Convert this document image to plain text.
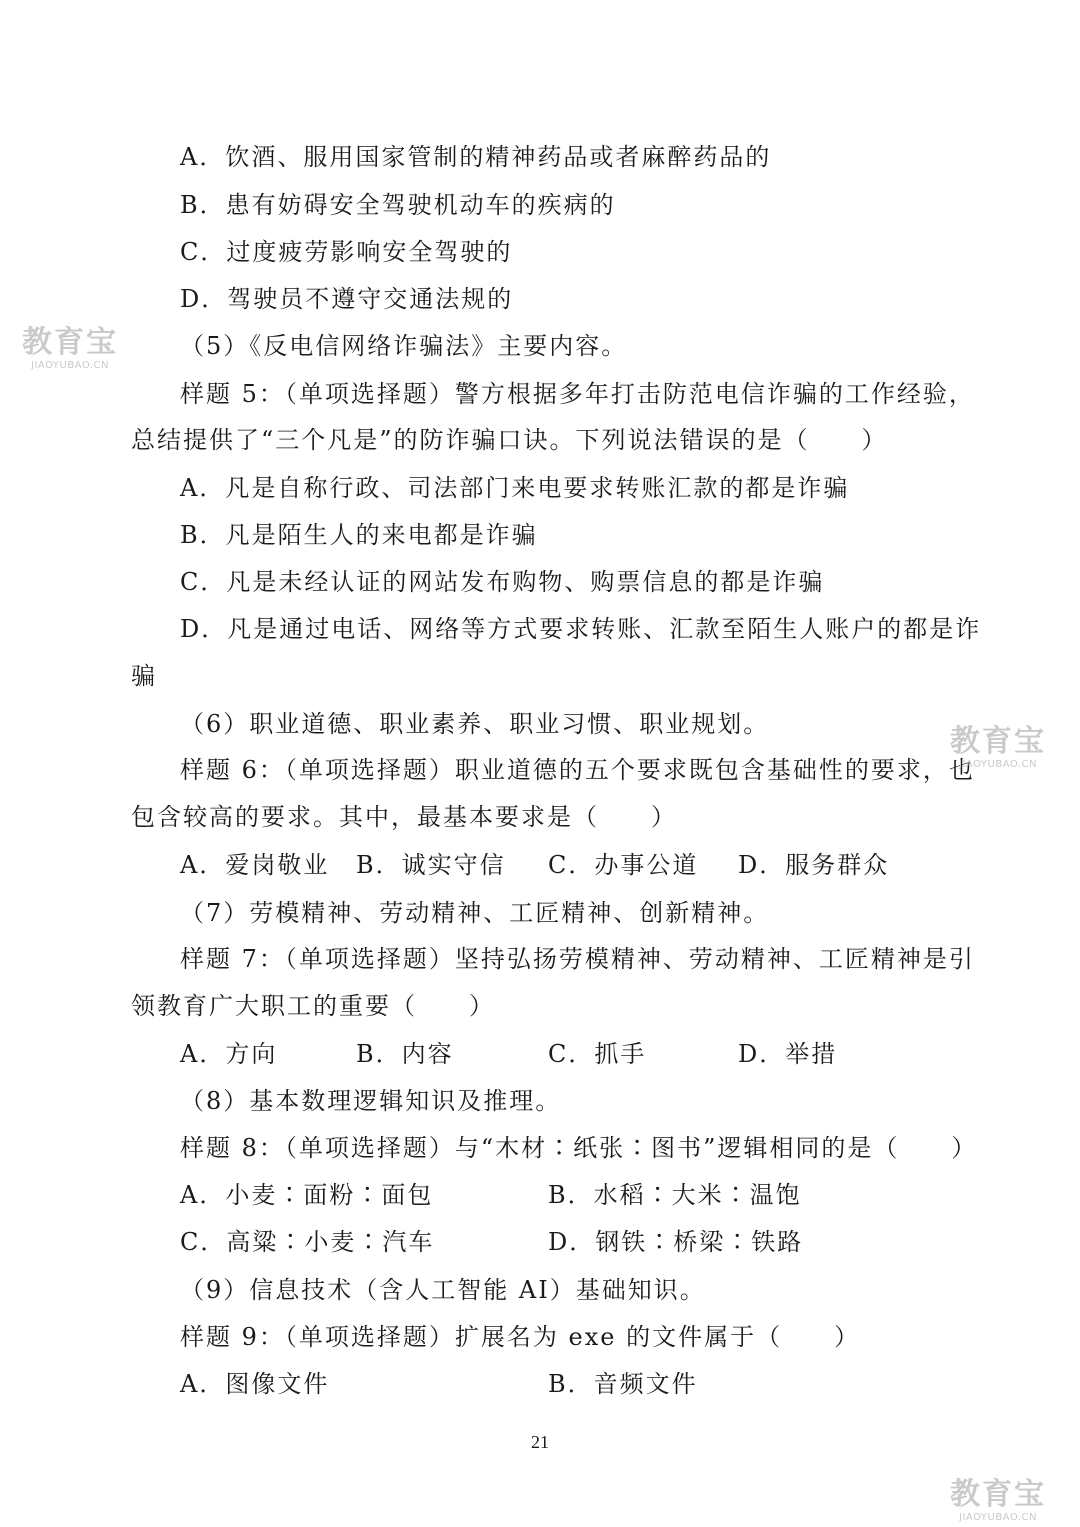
A．饮酒、服用国家管制的精神药品或者麻醉药品的
B．患有妨碍安全驾驶机动车的疾病的
C．过度疲劳影响安全驾驶的
D．驾驶员不遵守交通法规的
（5）《反电信网络诈骗法》主要内容。
样题 5：（单项选择题）警方根据多年打击防范电信诈骗的工作经验，
总结提供了“三个凡是”的防诈骗口诀。下列说法错误的是（　　）
A．凡是自称行政、司法部门来电要求转账汇款的都是诈骗
B．凡是陌生人的来电都是诈骗
C．凡是未经认证的网站发布购物、购票信息的都是诈骗
D．凡是通过电话、网络等方式要求转账、汇款至陌生人账户的都是诈
骗
（6）职业道德、职业素养、职业习惯、职业规划。
样题 6：（单项选择题）职业道德的五个要求既包含基础性的要求，也
包含较高的要求。其中，最基本要求是（　　）
A．爱岗敬业 B．诚实守信 C．办事公道 D．服务群众
（7）劳模精神、劳动精神、工匠精神、创新精神。
样题 7：（单项选择题）坚持弘扬劳模精神、劳动精神、工匠精神是引
领教育广大职工的重要（　　）
A．方向	B．内容	C．抓手	D．举措
（8）基本数理逻辑知识及推理。
样题 8：（单项选择题）与“木材∶纸张∶图书”逻辑相同的是（　　）
A．小麦∶面粉∶面包	B．水稻∶大米∶温饱
C．高粱∶小麦∶汽车	D．钢铁∶桥梁∶铁路
（9）信息技术（含人工智能 AI）基础知识。
样题 9：（单项选择题）扩展名为 exe 的文件属于（　　）
A．图像文件	B．音频文件
21
教育宝
JIAOYUBAO.CN
教育宝
JIAOYUBAO.CN
教育宝
JIAOYUBAO.CN
